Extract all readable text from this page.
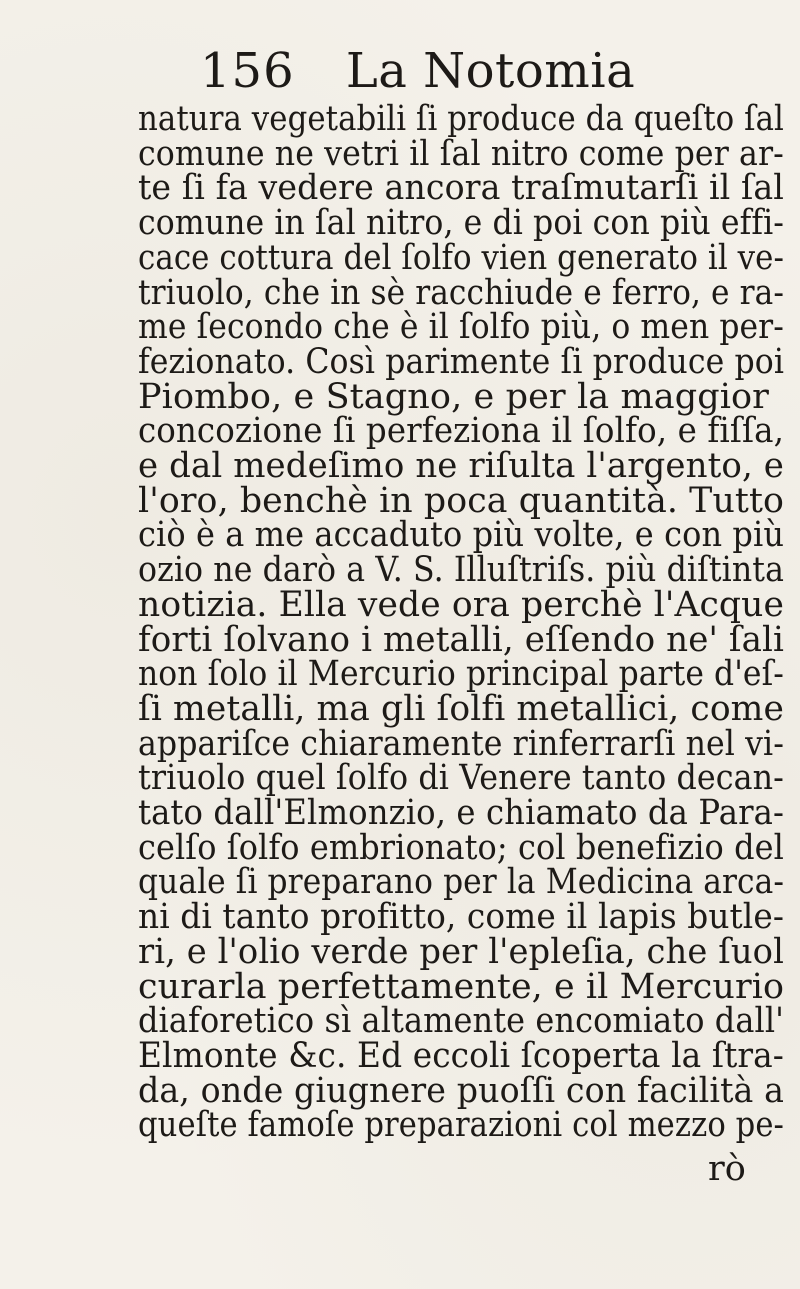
156 La Notomia
natura vegetabili ſi produce da queſto ſal
comune ne vetri il ſal nitro come per ar-
te ſi fa vedere ancora traſmutarſi il ſal
comune in ſal nitro, e di poi con più effi-
cace cottura del ſolfo vien generato il ve-
triuolo, che in sè racchiude e ferro, e ra-
me ſecondo che è il ſolfo più, o men per-
fezionato. Così parimente ſi produce poi
Piombo, e Stagno, e per la maggior
concozione ſi perfeziona il ſolfo, e fiſſa,
e dal medeſimo ne riſulta l'argento, e
l'oro, benchè in poca quantità. Tutto
ciò è a me accaduto più volte, e con più
ozio ne darò a V. S. Illuſtriſs. più diſtinta
notizia. Ella vede ora perchè l'Acque
forti ſolvano i metalli, eſſendo ne' ſali
non ſolo il Mercurio principal parte d'eſ-
ſi metalli, ma gli ſolfi metallici, come
appariſce chiaramente rinferrarſi nel vi-
triuolo quel ſolfo di Venere tanto decan-
tato dall'Elmonzio, e chiamato da Para-
celſo ſolfo embrionato; col benefizio del
quale ſi preparano per la Medicina arca-
ni di tanto profitto, come il lapis butle-
ri, e l'olio verde per l'epleſia, che ſuol
curarla perfettamente, e il Mercurio
diaforetico sì altamente encomiato dall'
Elmonte &c. Ed eccoli ſcoperta la ſtra-
da, onde giugnere puoſſi con facilità a
queſte famoſe preparazioni col mezzo pe-
rò
